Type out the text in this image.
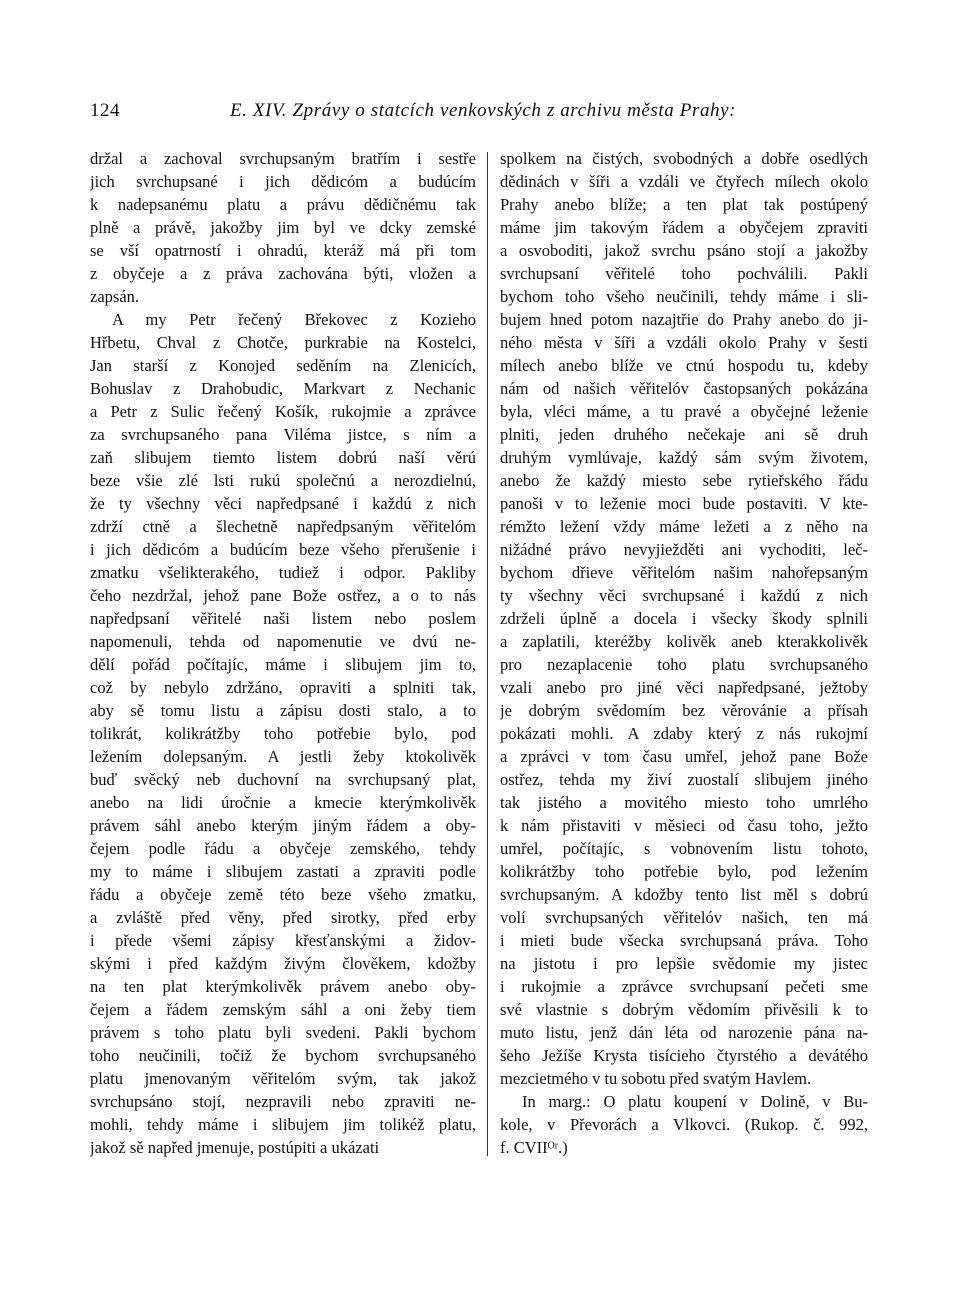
124	E. XIV. Zprávy o statcích venkovských z archivu města Prahy:
držal a zachoval svrchupsaným bratřím i sestře
jich svrchupsané i jich dědicóm a budúcím
k nadepsanému platu a právu dědičnému tak
plně a právě, jakožby jim byl ve dcky zemské
se vší opatrností i ohradú, kteráž má při tom
z obyčeje a z práva zachována býti, vložen a
zapsán.
A my Petr řečený Břekovec z Kozieho
Hřbetu, Chval z Chotče, purkrabie na Kostelci,
Jan starší z Konojed seděním na Zlenicích,
Bohuslav z Drahobudic, Markvart z Nechanic
a Petr z Sulic řečený Košík, rukojmie a zprávce
za svrchupsaného pana Viléma jistce, s ním a
zaň slibujem tiemto listem dobrú naší věrú
beze všie zlé lsti rukú společnú a nerozdielnú,
že ty všechny věci napředpsané i každú z nich
zdrží ctně a šlechetně napředpsaným věřitelóm
i jich dědicóm a budúcím beze všeho přerušenie i
zmatku všelikterakého, tudiež i odpor. Pakliby
čeho nezdržal, jehož pane Bože ostřez, a o to nás
napředpsaní věřitelé naši listem nebo poslem
napomenuli, tehda od napomenutie ve dvú ne-
dělí pořád počítajíc, máme i slibujem jim to,
což by nebylo zdržáno, opraviti a splniti tak,
aby sě tomu listu a zápisu dosti stalo, a to
tolikrát, kolikrátžby toho potřebie bylo, pod
ležením dolepsaným. A jestli žeby ktokolivěk
buď svěcký neb duchovní na svrchupsaný plat,
anebo na lidi úročnie a kmecie kterýmkolivěk
právem sáhl anebo kterým jiným řádem a oby-
čejem podle řádu a obyčeje zemského, tehdy
my to máme i slibujem zastati a zpraviti podle
řádu a obyčeje země této beze všeho zmatku,
a zvláště před věny, před sirotky, před erby
i přede všemi zápisy křesťanskými a židov-
skými i před každým živým člověkem, kdožby
na ten plat kterýmkolivěk právem anebo oby-
čejem a řádem zemským sáhl a oni žeby tiem
právem s toho platu byli svedeni. Pakli bychom
toho neučinili, točiž že bychom svrchupsaného
platu jmenovaným věřitelóm svým, tak jakož
svrchupsáno stojí, nezpravili nebo zpraviti ne-
mohli, tehdy máme i slibujem jim tolikéž platu,
jakož sě napřed jmenuje, postúpiti a ukázati
spolkem na čistých, svobodných a dobře osedlých
dědinách v šíři a vzdáli ve čtyřech mílech okolo
Prahy anebo blíže; a ten plat tak postúpený
máme jim takovým řádem a obyčejem zpraviti
a osvoboditi, jakož svrchu psáno stojí a jakožby
svrchupsaní věřitelé toho pochválili. Pakli
bychom toho všeho neučinili, tehdy máme i sli-
bujem hned potom nazajtřie do Prahy anebo do ji-
ného města v šíři a vzdáli okolo Prahy v šesti
mílech anebo blíže ve ctnú hospodu tu, kdeby
nám od našich věřitelóv častopsaných pokázána
byla, vléci máme, a tu pravé a obyčejné leženie
plniti, jeden druhého nečekaje ani sě druh
druhým vymlúvaje, každý sám svým životem,
anebo že každý miesto sebe rytieřského řádu
panoši v to leženie moci bude postaviti. V kte-
rémžto ležení vždy máme ležeti a z něho na
nižádné právo nevyjiežděti ani vychoditi, leč-
bychom dřieve věřitelóm našim nahořepsaným
ty všechny věci svrchupsané i každú z nich
zdrželi úplně a docela i všecky škody splnili
a zaplatili, kteréžby kolivěk aneb kterakkolivěk
pro nezaplacenie toho platu svrchupsaného
vzali anebo pro jiné věci napředpsané, ježtoby
je dobrým svědomím bez věrovánie a přísah
pokázati mohli. A zdaby který z nás rukojmí
a zprávci v tom času umřel, jehož pane Bože
ostřez, tehda my živí zuostalí slibujem jiného
tak jistého a movitého miesto toho umrlého
k nám přistaviti v měsieci od času toho, ježto
umřel, počítajíc, s vobnovením listu tohoto,
kolikrátžby toho potřebie bylo, pod ležením
svrchupsaným. A kdožby tento list měl s dobrú
volí svrchupsaných věřitelóv našich, ten má
i mieti bude všecka svrchupsaná práva. Toho
na jistotu i pro lepšie svědomie my jistec
i rukojmie a zprávce svrchupsaní pečeti sme
své vlastnie s dobrým vědomím přivěsili k to
muto listu, jenž dán léta od narozenie pána na-
šeho Ježíše Krysta tisícieho čtyrstého a devátého
mezcietmého v tu sobotu před svatým Havlem.
In marg.: O platu koupení v Dolině, v Bu-
kole, v Převorách a Vlkovci. (Rukop. č. 992,
f. CVIIᴼʳ.)
